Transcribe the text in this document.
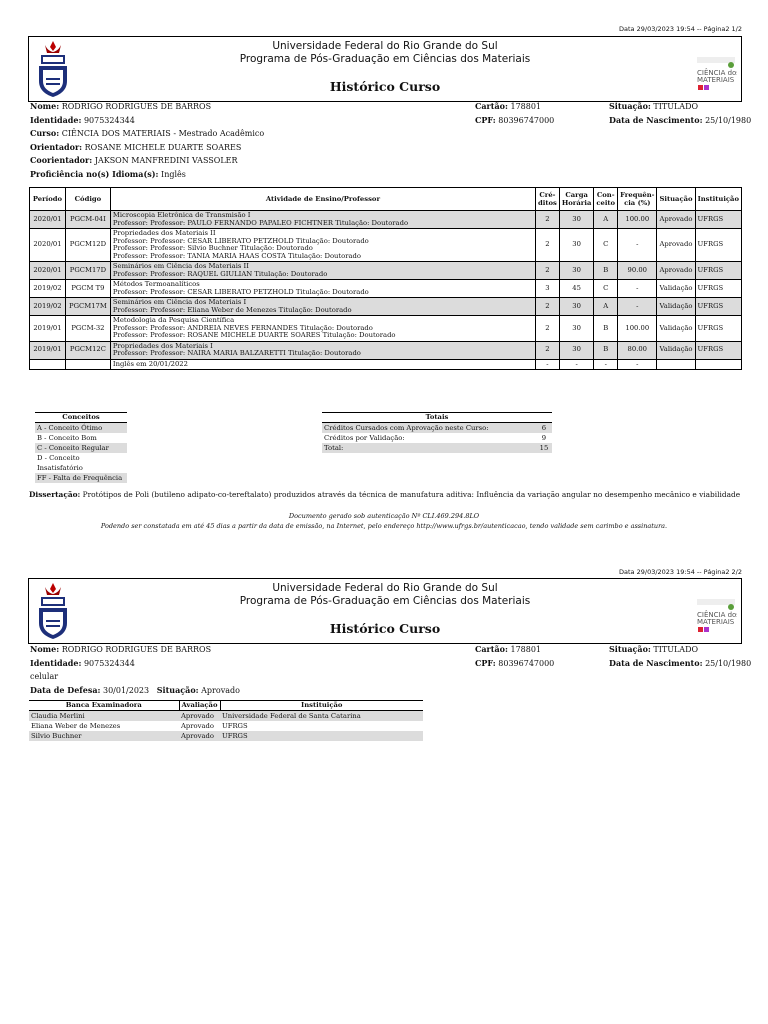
Data 29/03/2023 19:54 -- Página2 1/2
Universidade Federal do Rio Grande do Sul
Programa de Pós-Graduação em Ciências dos Materiais
Histórico Curso
CIÊNCIA dos
MATERIAIS
Nome: RODRIGO RODRIGUES DE BARROS
Identidade: 9075324344
Curso: CIÊNCIA DOS MATERIAIS - Mestrado Acadêmico
Orientador: ROSANE MICHELE DUARTE SOARES
Coorientador: JAKSON MANFREDINI VASSOLER
Proficiência no(s) Idioma(s): Inglês
Cartão: 178801
CPF: 80396747000
Situação: TITULADO
Data de Nascimento: 25/10/1980
Período	Código	Atividade de Ensino/Professor	Cré-
ditos	Carga
Horária	Con-
ceito	Frequên-
cia (%)	Situação	Instituição
2020/01	PGCM-04I	Microscopia Eletrônica de Transmisão I
Professor: Professor: PAULO FERNANDO PAPALEO FICHTNER Titulação: Doutorado	2	30	A	100.00	Aprovado	UFRGS
2020/01	PGCM12D	Propriedades dos Materiais II
Professor: Professor: CESAR LIBERATO PETZHOLD Titulação: Doutorado
Professor: Professor: Silvio Buchner Titulação: Doutorado
Professor: Professor: TANIA MARIA HAAS COSTA Titulação: Doutorado	2	30	C	-	Aprovado	UFRGS
2020/01	PGCM17D	Seminários em Ciência dos Materiais II
Professor: Professor: RAQUEL GIULIAN Titulação: Doutorado	2	30	B	90.00	Aprovado	UFRGS
2019/02	PGCM T9	Métodos Termoanalíticos
Professor: Professor: CESAR LIBERATO PETZHOLD Titulação: Doutorado	3	45	C	-	Validação	UFRGS
2019/02	PGCM17M	Seminários em Ciência dos Materiais I
Professor: Professor: Eliana Weber de Menezes Titulação: Doutorado	2	30	A	-	Validação	UFRGS
2019/01	PGCM-32	Metodologia da Pesquisa Científica
Professor: Professor: ANDREIA NEVES FERNANDES Titulação: Doutorado
Professor: Professor: ROSANE MICHELE DUARTE SOARES Titulação: Doutorado	2	30	B	100.00	Validação	UFRGS
2019/01	PGCM12C	Propriedades dos Materiais I
Professor: Professor: NAIRA MARIA BALZARETTI Titulação: Doutorado	2	30	B	80.00	Validação	UFRGS

		Inglês em 20/01/2022	-	-	-	-		
Conceitos
A - Conceito Ótimo
B - Conceito Bom
C - Conceito Regular
D - Conceito Insatisfatório
FF - Falta de Frequência
Totais	
Créditos Cursados com Aprovação neste Curso:	6
Créditos por Validação:	9
Total:	15
Dissertação: Protótipos de Poli (butileno adipato-co-tereftalato) produzidos através da técnica de manufatura aditiva: Influência da variação angular no desempenho mecânico e viabilidade
Documento gerado sob autenticação Nº CLI.469.294.8LO
Podendo ser constatada em até 45 dias a partir da data de emissão, na Internet, pelo endereço http://www.ufrgs.br/autenticacao, tendo validade sem carimbo e assinatura.
Data 29/03/2023 19:54 -- Página2 2/2
Universidade Federal do Rio Grande do Sul
Programa de Pós-Graduação em Ciências dos Materiais
Histórico Curso
CIÊNCIA dos
MATERIAIS
Nome: RODRIGO RODRIGUES DE BARROS
Identidade: 9075324344
Cartão: 178801
CPF: 80396747000
Situação: TITULADO
Data de Nascimento: 25/10/1980
celular
Data de Defesa: 30/01/2023 Situação: Aprovado
Banca Examinadora	Avaliação	Instituição
Claudia Merlini	Aprovado	Universidade Federal de Santa Catarina
Eliana Weber de Menezes	Aprovado	UFRGS
Silvio Buchner	Aprovado	UFRGS
